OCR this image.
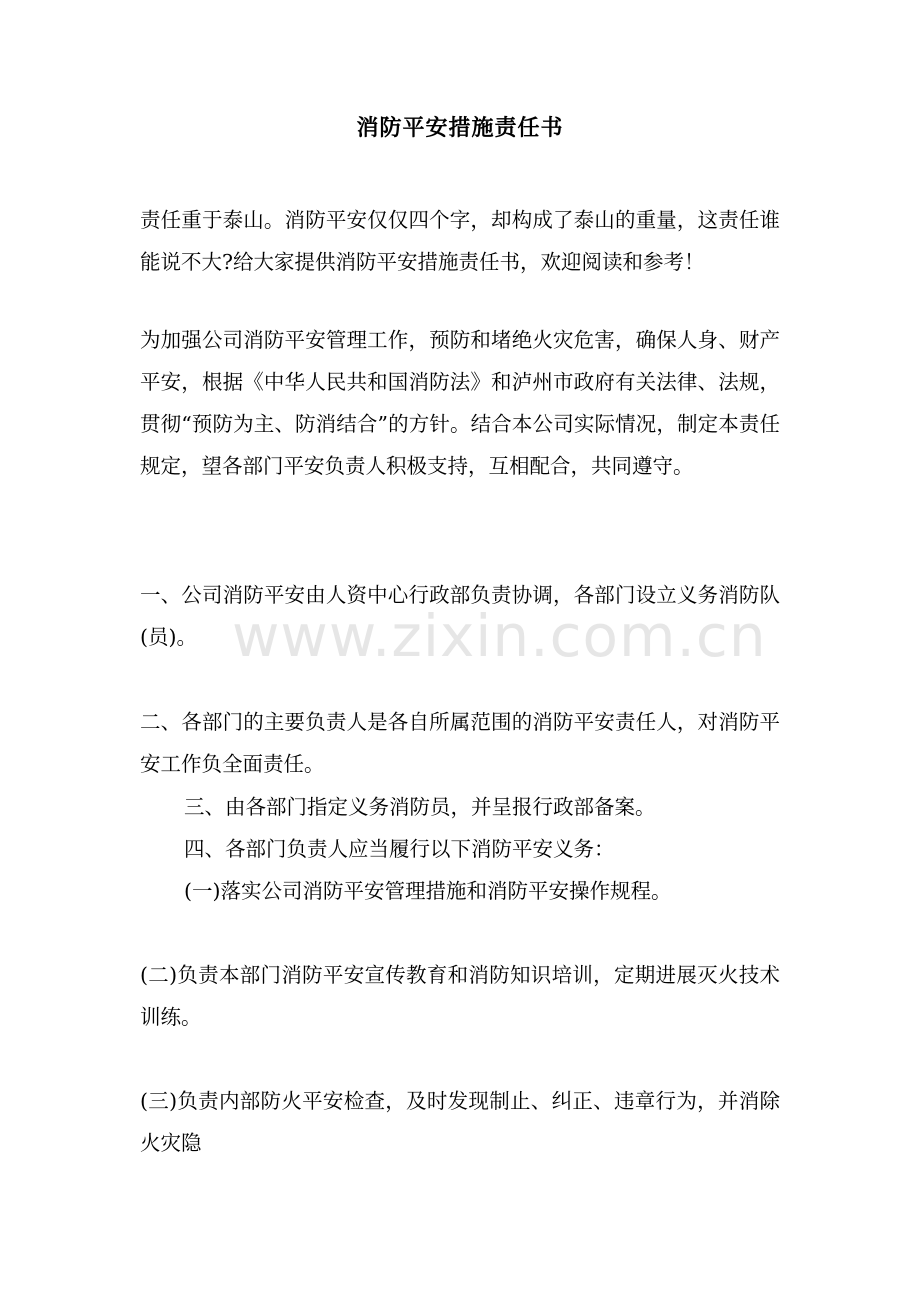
消防平安措施责任书
责任重于泰山。消防平安仅仅四个字，却构成了泰山的重量，这责任谁能说不大?给大家提供消防平安措施责任书，欢迎阅读和参考！
为加强公司消防平安管理工作，预防和堵绝火灾危害，确保人身、财产平安，根据《中华人民共和国消防法》和泸州市政府有关法律、法规，贯彻“预防为主、防消结合”的方针。结合本公司实际情况，制定本责任规定，望各部门平安负责人积极支持，互相配合，共同遵守。
一、公司消防平安由人资中心行政部负责协调，各部门设立义务消防队(员)。
二、各部门的主要负责人是各自所属范围的消防平安责任人，对消防平安工作负全面责任。
三、由各部门指定义务消防员，并呈报行政部备案。
四、各部门负责人应当履行以下消防平安义务：
(一)落实公司消防平安管理措施和消防平安操作规程。
(二)负责本部门消防平安宣传教育和消防知识培训，定期进展灭火技术训练。
(三)负责内部防火平安检查，及时发现制止、纠正、违章行为，并消除火灾隐
www.zixin.com.cn
